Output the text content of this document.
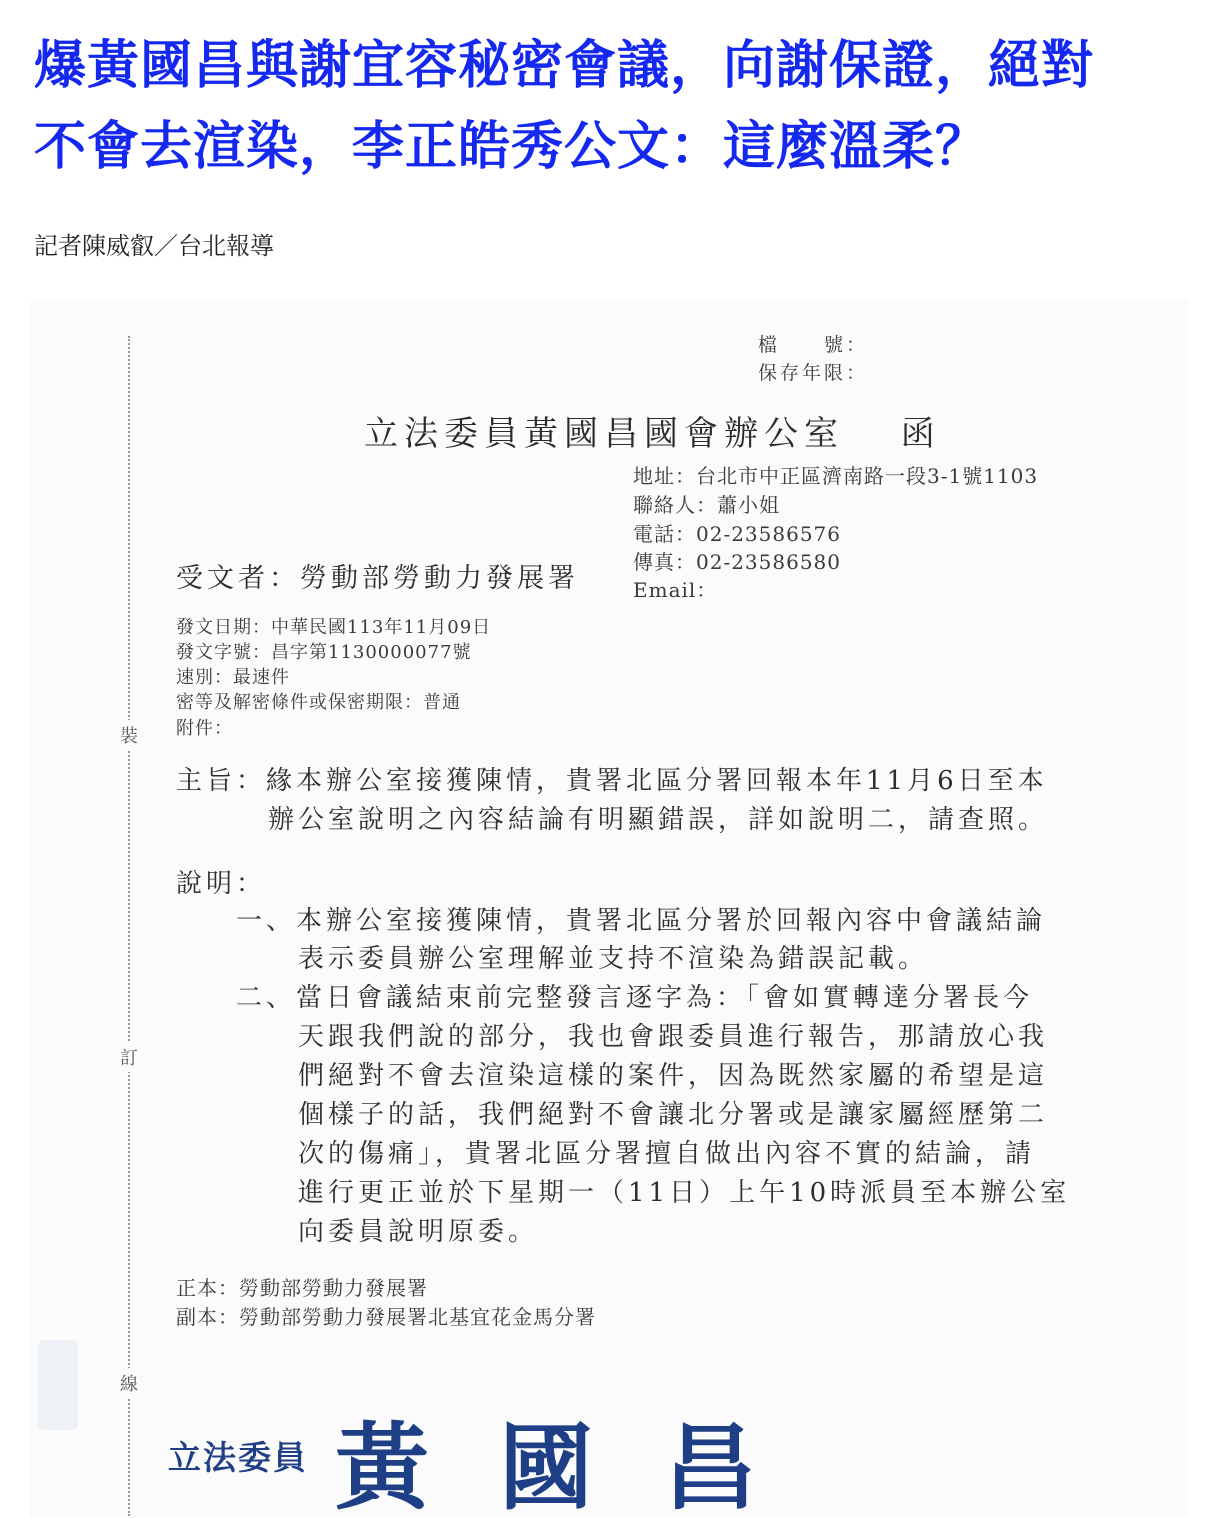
爆黃國昌與謝宜容秘密會議，向謝保證，絕對
不會去渲染，李正皓秀公文：這麼溫柔？
記者陳威叡／台北報導
裝
訂
線
檔　　號：
保存年限：
立法委員黃國昌國會辦公室　 函
地址：台北市中正區濟南路一段3-1號1103
聯絡人：蕭小姐
電話：02-23586576
傳真：02-23586580
Email：
受文者：勞動部勞動力發展署
發文日期：中華民國113年11月09日
發文字號：昌字第1130000077號
速別：最速件
密等及解密條件或保密期限：普通
附件：
主旨：緣本辦公室接獲陳情，貴署北區分署回報本年11月6日至本
辦公室說明之內容結論有明顯錯誤，詳如說明二，請查照。
說明：
一、本辦公室接獲陳情，貴署北區分署於回報內容中會議結論
表示委員辦公室理解並支持不渲染為錯誤記載。
二、當日會議結束前完整發言逐字為：「會如實轉達分署長今
天跟我們說的部分，我也會跟委員進行報告，那請放心我
們絕對不會去渲染這樣的案件，因為既然家屬的希望是這
個樣子的話，我們絕對不會讓北分署或是讓家屬經歷第二
次的傷痛」，貴署北區分署擅自做出內容不實的結論，請
進行更正並於下星期一（11日）上午10時派員至本辦公室
向委員說明原委。
正本：勞動部勞動力發展署
副本：勞動部勞動力發展署北基宜花金馬分署
立法委員 黃國昌
